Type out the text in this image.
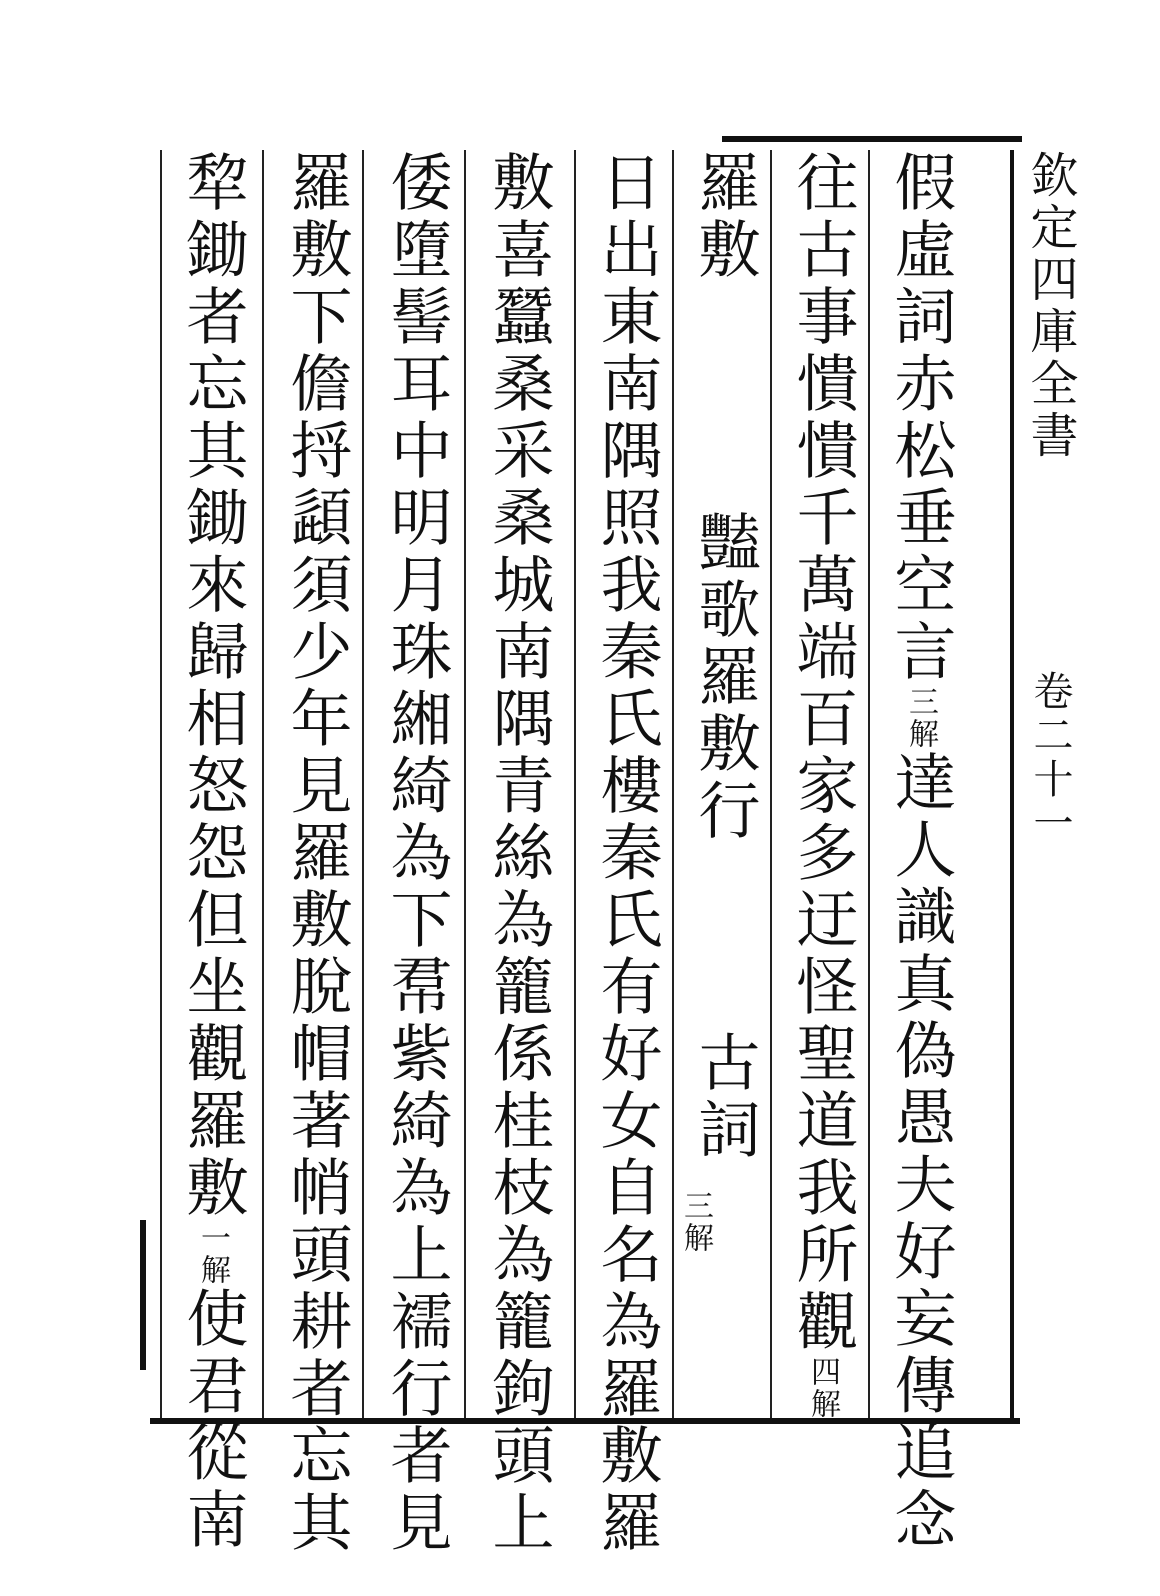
欽定四庫全書
卷二十一
假虛詞赤松垂空言三解達人識真偽愚夫好妄傳追念
往古事憒憒千萬端百家多迂怪聖道我所觀四解
羅敷
豔歌羅敷行
古詞
三解
日出東南隅照我秦氏樓秦氏有好女自名為羅敷羅
敷喜蠶桑采桑城南隅青絲為籠係桂枝為籠鉤頭上
倭墮髻耳中明月珠緗綺為下帬紫綺為上襦行者見
羅敷下儋捋頿須少年見羅敷脫帽著帩頭耕者忘其
犂鋤者忘其鋤來歸相怒怨但坐觀羅敷一解使君從南
